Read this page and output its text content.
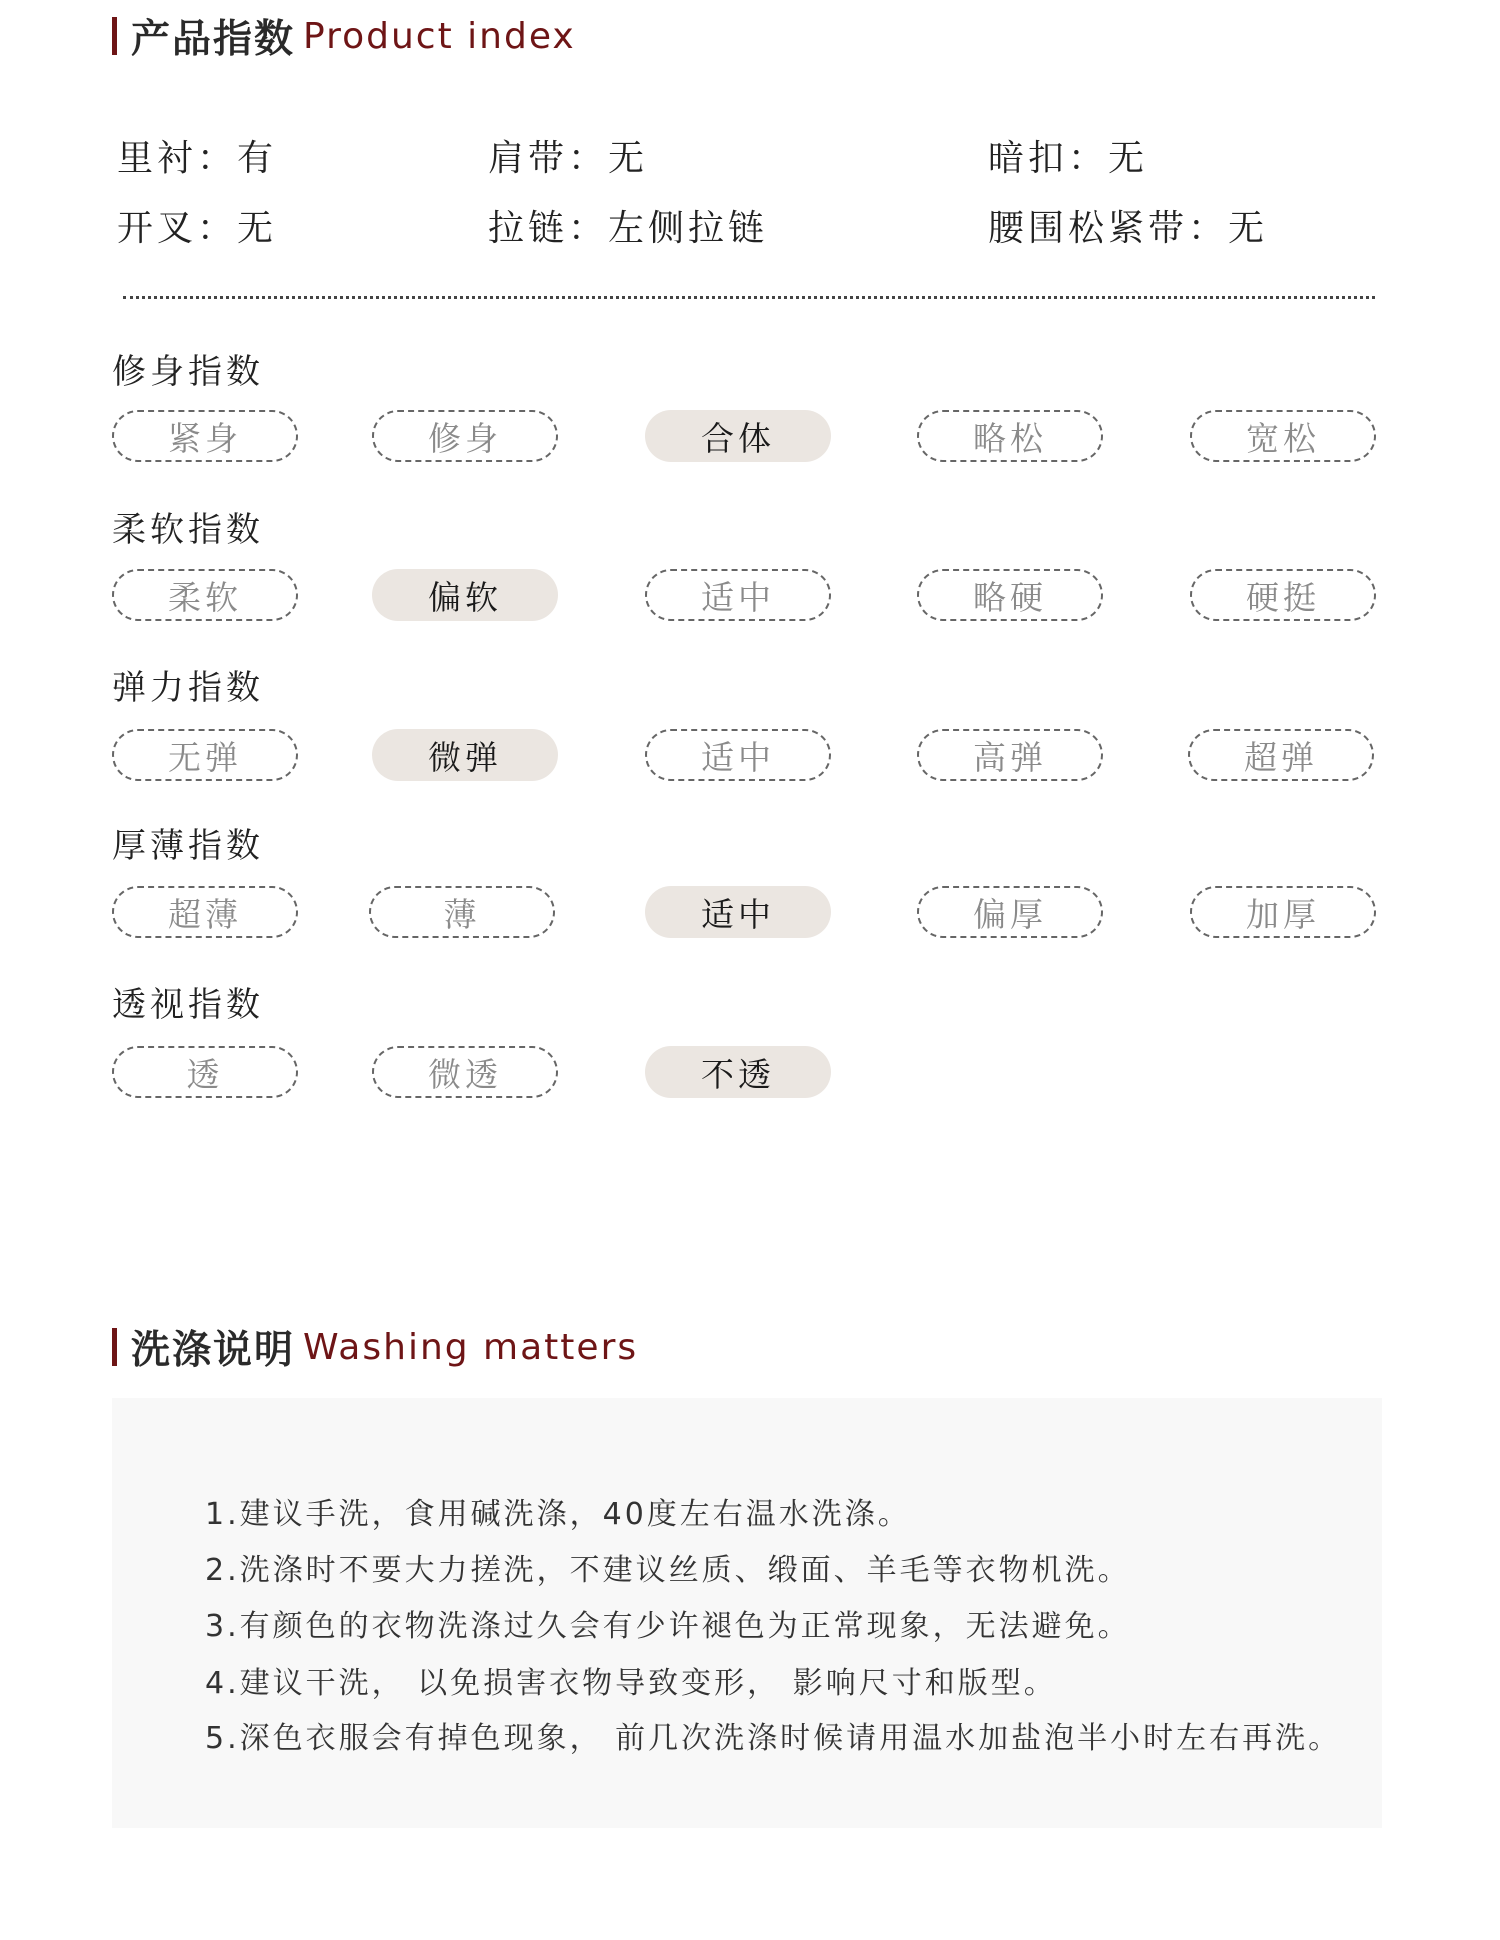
产品指数 Product index
里衬：有	肩带：无	暗扣：无
开叉：无	拉链：左侧拉链	腰围松紧带：无
修身指数
紧身	修身	合体	略松	宽松
柔软指数
柔软	偏软	适中	略硬	硬挺
弹力指数
无弹	微弹	适中	高弹	超弹
厚薄指数
超薄	薄	适中	偏厚	加厚
透视指数
透	微透	不透
洗涤说明 Washing matters
1.建议手洗，食用碱洗涤，40度左右温水洗涤。
2.洗涤时不要大力搓洗，不建议丝质、缎面、羊毛等衣物机洗。
3.有颜色的衣物洗涤过久会有少许褪色为正常现象，无法避免。
4.建议干洗， 以免损害衣物导致变形， 影响尺寸和版型。
5.深色衣服会有掉色现象， 前几次洗涤时候请用温水加盐泡半小时左右再洗。
